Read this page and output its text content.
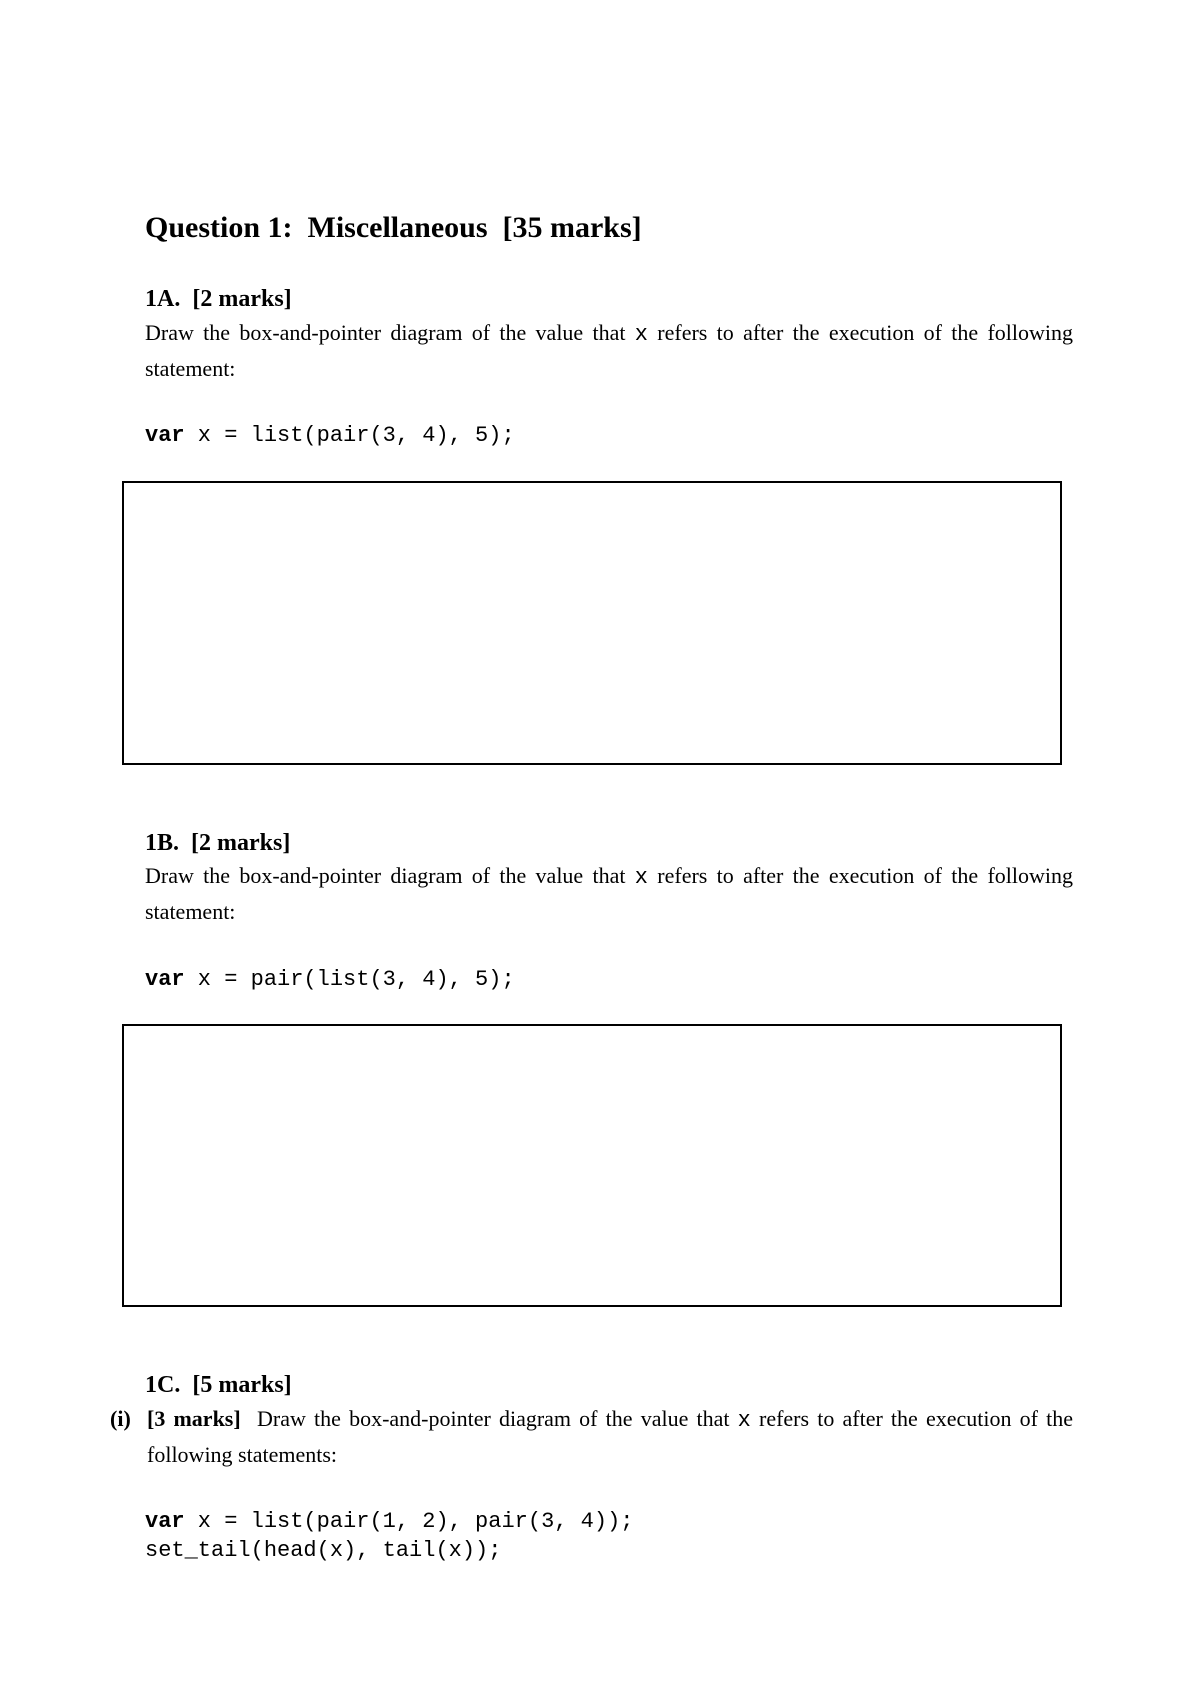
Question 1:  Miscellaneous  [35 marks]
1A.  [2 marks]
Draw the box-and-pointer diagram of the value that x refers to after the execution of the following statement:
var x = list(pair(3, 4), 5);
1B.  [2 marks]
Draw the box-and-pointer diagram of the value that x refers to after the execution of the following statement:
var x = pair(list(3, 4), 5);
1C.  [5 marks]
(i) [3 marks]  Draw the box-and-pointer diagram of the value that x refers to after the execution of the following statements:
var x = list(pair(1, 2), pair(3, 4));
set_tail(head(x), tail(x));
